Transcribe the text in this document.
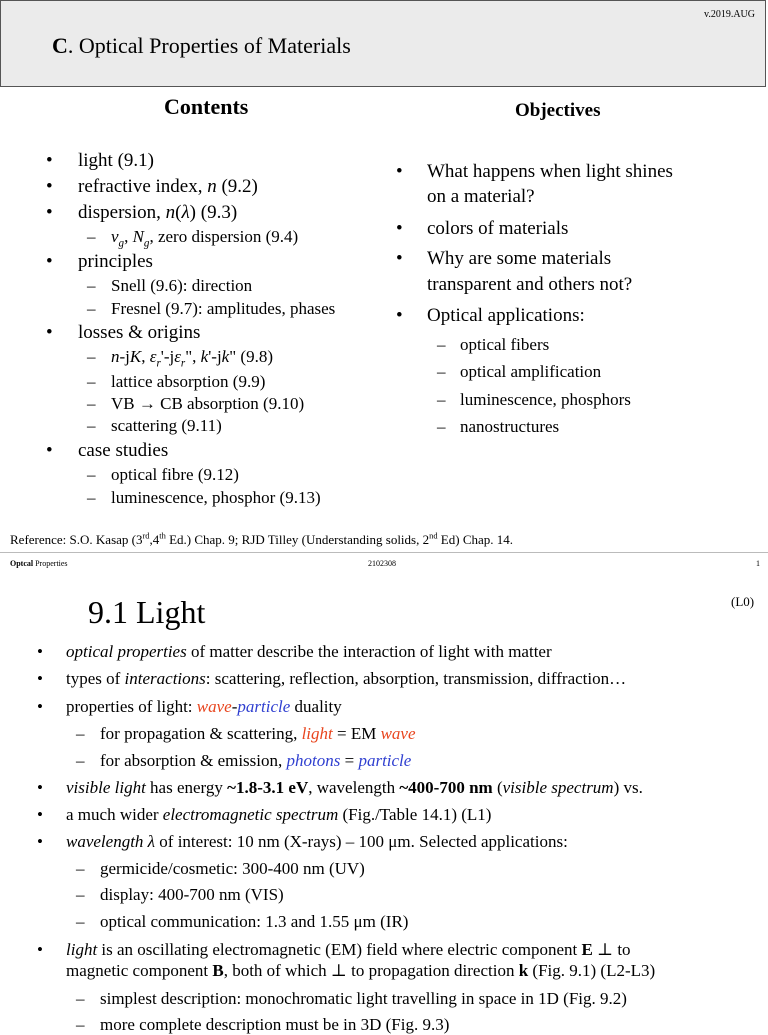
v.2019.AUG
C. Optical Properties of Materials
Contents	Objectives
• light (9.1)
• refractive index, n (9.2)
• dispersion, n(λ) (9.3)
– $v_g$, $N_g$, zero dispersion (9.4)
• principles
– Snell (9.6): direction
– Fresnel (9.7): amplitudes, phases
• losses & origins
– n-jK, $\varepsilon_r'-j\varepsilon_r$", k'-jk" (9.8)
– lattice absorption (9.9)
– VB → CB absorption (9.10)
– scattering (9.11)
• case studies
– optical fibre (9.12)
– luminescence, phosphor (9.13)
• What happens when light shines
on a material?
• colors of materials
• Why are some materials
transparent and others not?
• Optical applications:
– optical fibers
– optical amplification
– luminescence, phosphors
– nanostructures
Reference: S.O. Kasap (3rd,4th Ed.) Chap. 9; RJD Tilley (Understanding solids, 2nd Ed) Chap. 14.
Optcal Properties	2102308	1
9.1 Light	(L0)
• optical properties of matter describe the interaction of light with matter
• types of interactions: scattering, reflection, absorption, transmission, diffraction…
• properties of light: wave-particle duality
– for propagation & scattering, light = EM wave
– for absorption & emission, photons = particle
• visible light has energy ~1.8-3.1 eV, wavelength ~400-700 nm (visible spectrum) vs.
• a much wider electromagnetic spectrum (Fig./Table 14.1) (L1)
• wavelength λ of interest: 10 nm (X-rays) – 100 μm. Selected applications:
– germicide/cosmetic: 300-400 nm (UV)
– display: 400-700 nm (VIS)
– optical communication: 1.3 and 1.55 μm (IR)
• light is an oscillating electromagnetic (EM) field where electric component E ⊥ to
magnetic component B, both of which ⊥ to propagation direction k (Fig. 9.1) (L2-L3)
– simplest description: monochromatic light travelling in space in 1D (Fig. 9.2)
– more complete description must be in 3D (Fig. 9.3)
